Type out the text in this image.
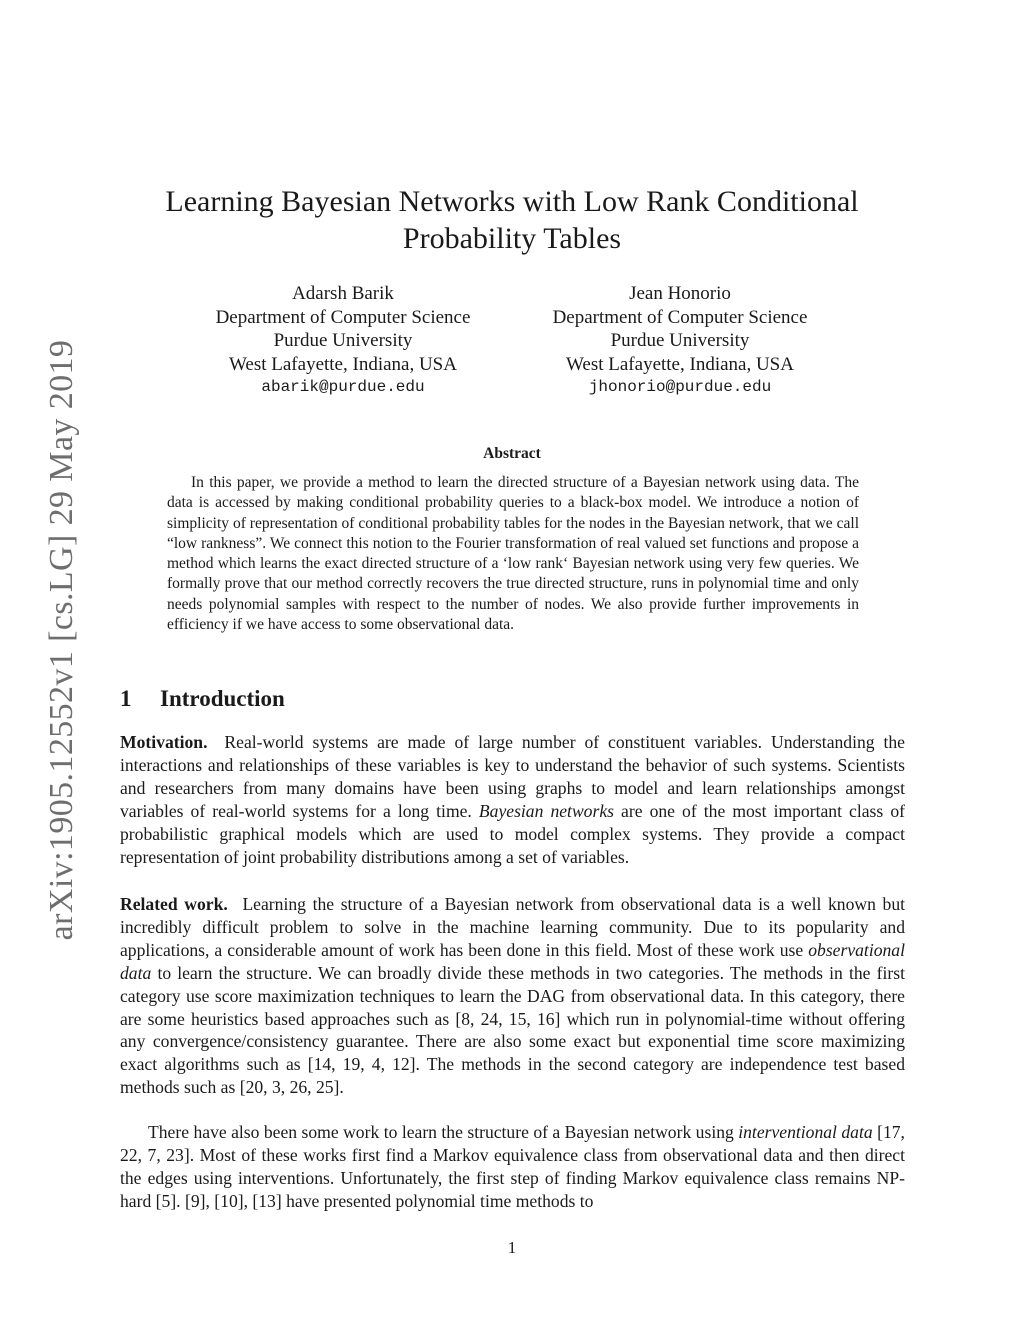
arXiv:1905.12552v1 [cs.LG] 29 May 2019
Learning Bayesian Networks with Low Rank Conditional Probability Tables
Adarsh Barik
Department of Computer Science
Purdue University
West Lafayette, Indiana, USA
abarik@purdue.edu
Jean Honorio
Department of Computer Science
Purdue University
West Lafayette, Indiana, USA
jhonorio@purdue.edu
Abstract
In this paper, we provide a method to learn the directed structure of a Bayesian network using data. The data is accessed by making conditional probability queries to a black-box model. We introduce a notion of simplicity of representation of conditional probability tables for the nodes in the Bayesian network, that we call “low rankness”. We connect this notion to the Fourier transformation of real valued set functions and propose a method which learns the exact directed structure of a ‘low rank‘ Bayesian network using very few queries. We formally prove that our method correctly recovers the true directed structure, runs in polynomial time and only needs polynomial samples with respect to the number of nodes. We also provide further improvements in efficiency if we have access to some observational data.
1 Introduction
Motivation. Real-world systems are made of large number of constituent variables. Understanding the interactions and relationships of these variables is key to understand the behavior of such systems. Scientists and researchers from many domains have been using graphs to model and learn relationships amongst variables of real-world systems for a long time. Bayesian networks are one of the most important class of probabilistic graphical models which are used to model complex systems. They provide a compact representation of joint probability distributions among a set of variables.
Related work. Learning the structure of a Bayesian network from observational data is a well known but incredibly difficult problem to solve in the machine learning community. Due to its popularity and applications, a considerable amount of work has been done in this field. Most of these work use observational data to learn the structure. We can broadly divide these methods in two categories. The methods in the first category use score maximization techniques to learn the DAG from observational data. In this category, there are some heuristics based approaches such as [8, 24, 15, 16] which run in polynomial-time without offering any convergence/consistency guarantee. There are also some exact but exponential time score maximizing exact algorithms such as [14, 19, 4, 12]. The methods in the second category are independence test based methods such as [20, 3, 26, 25].
There have also been some work to learn the structure of a Bayesian network using interventional data [17, 22, 7, 23]. Most of these works first find a Markov equivalence class from observational data and then direct the edges using interventions. Unfortunately, the first step of finding Markov equivalence class remains NP-hard [5]. [9], [10], [13] have presented polynomial time methods to
1
